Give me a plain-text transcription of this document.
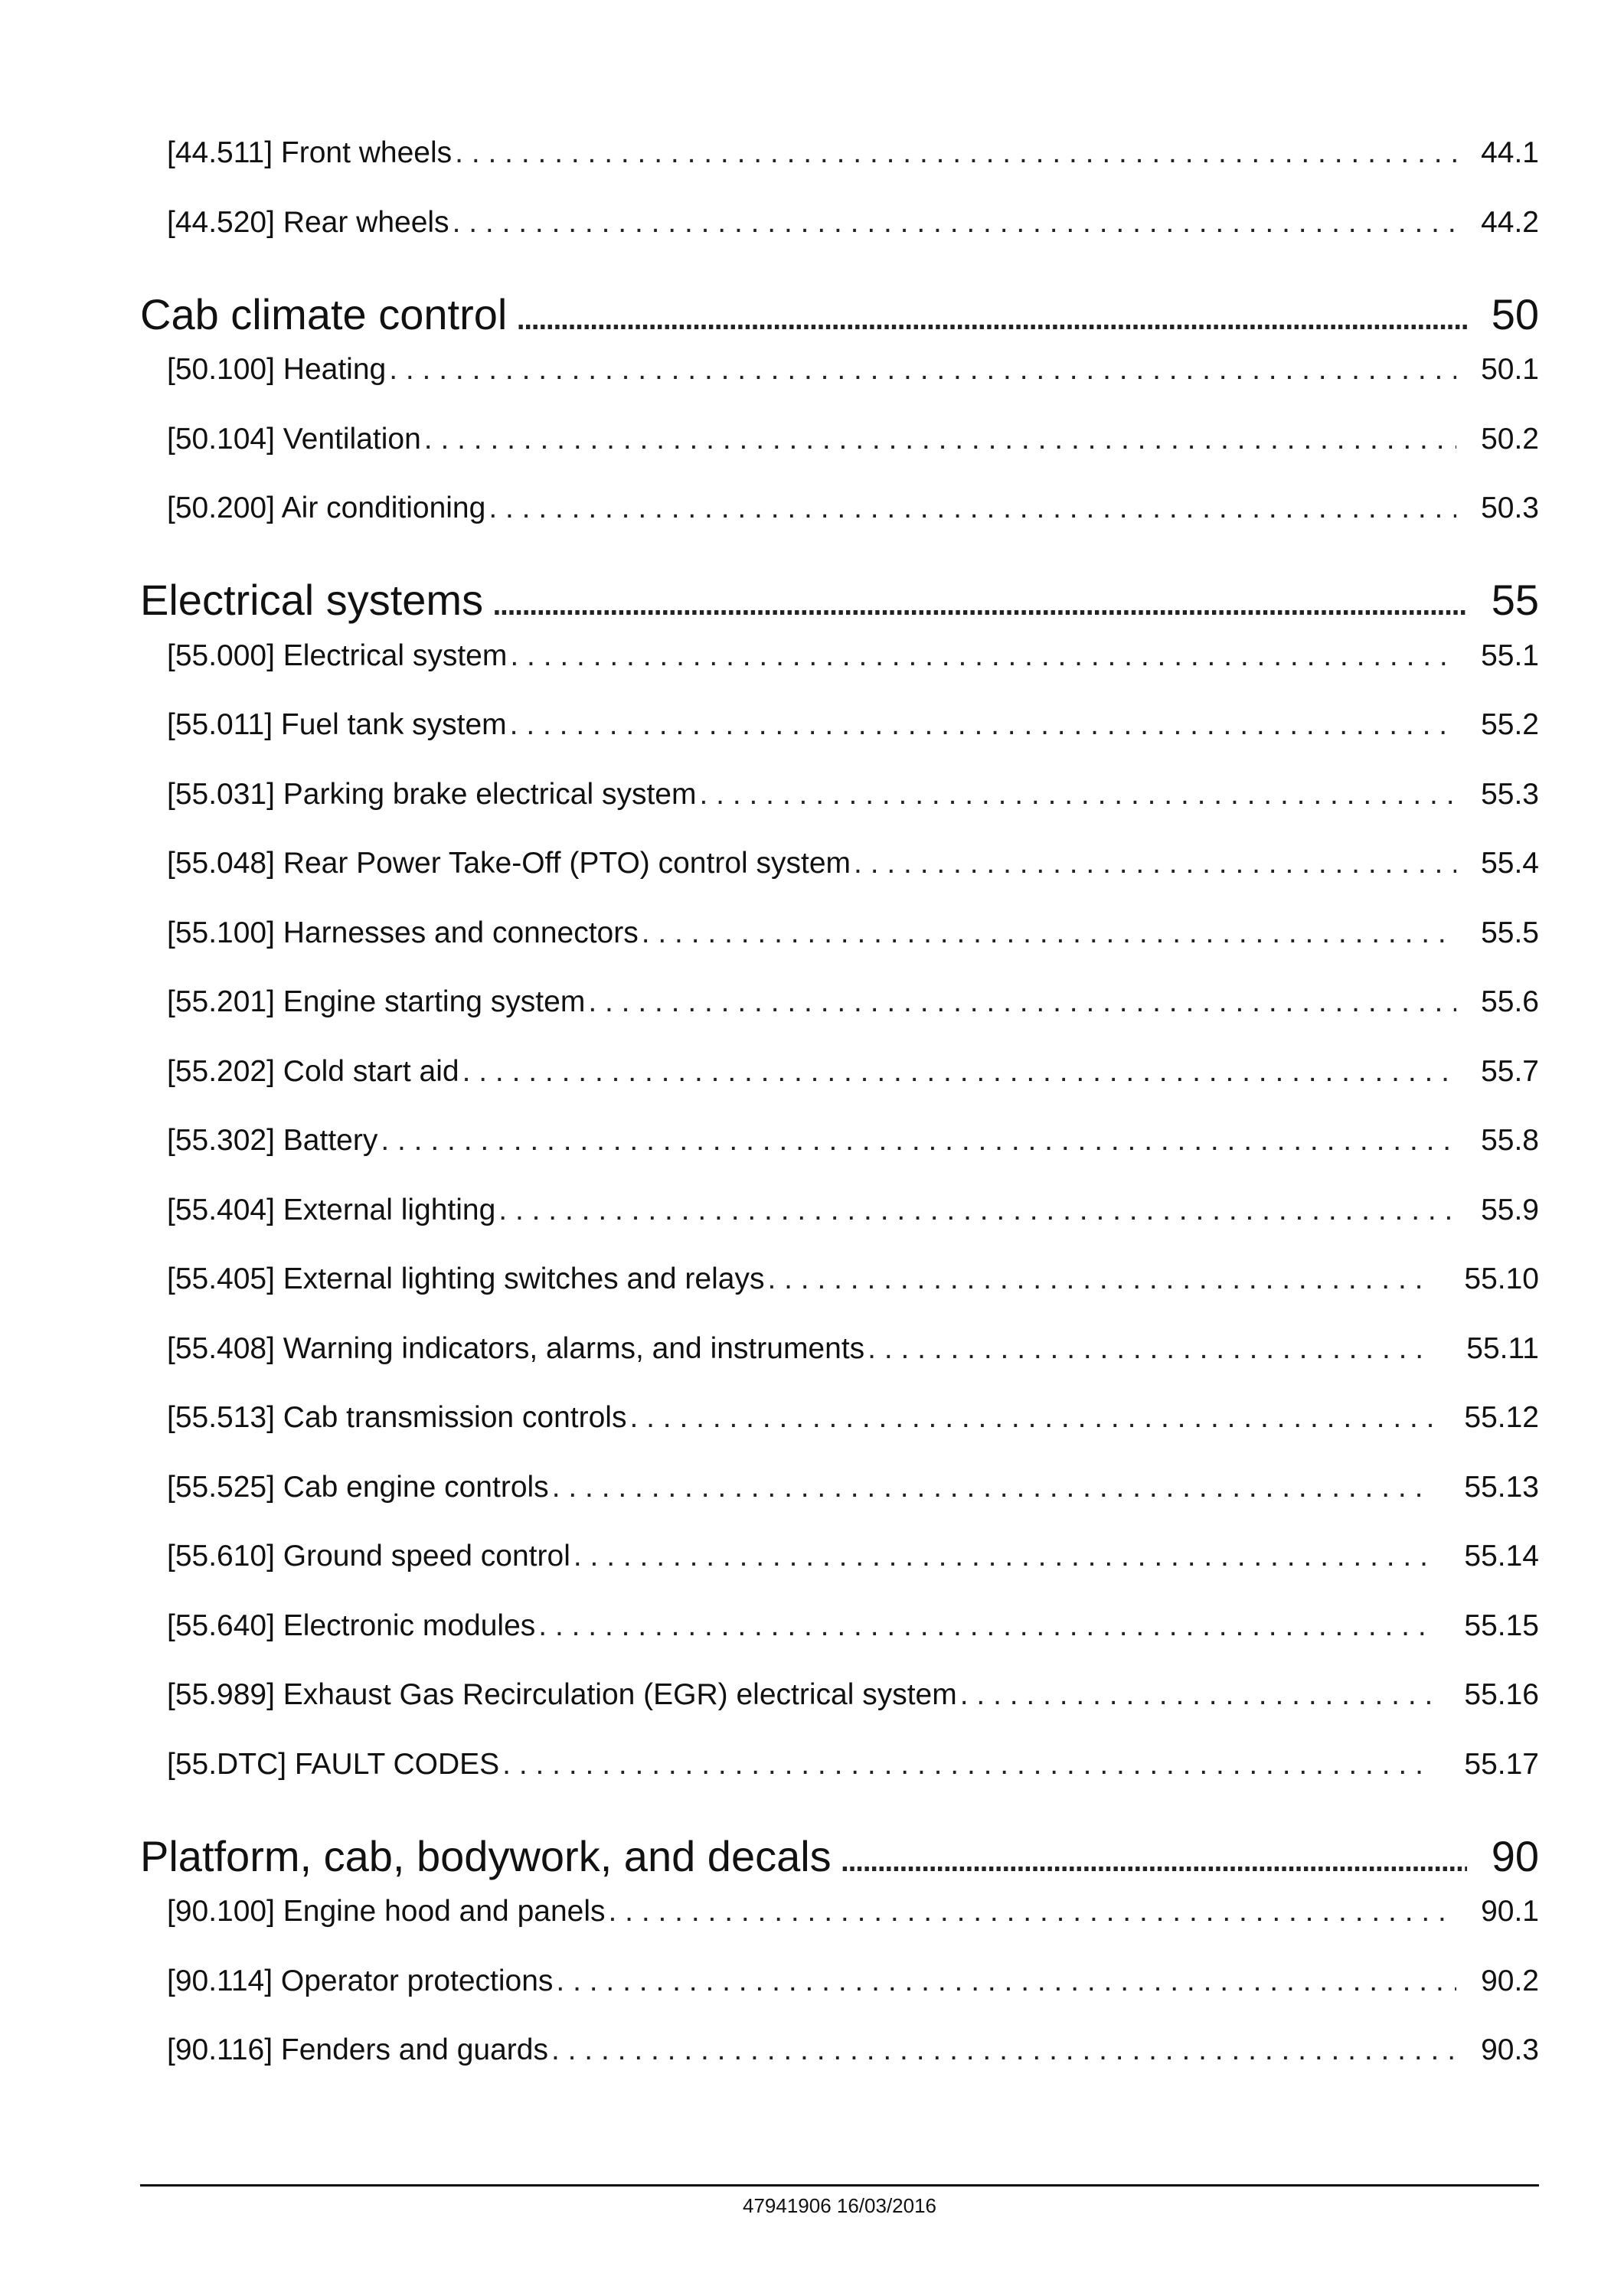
[44.511] Front wheels . . .	44.1
[44.520] Rear wheels . . .	44.2
Cab climate control .....	50
[50.100] Heating . . .	50.1
[50.104] Ventilation . . .	50.2
[50.200] Air conditioning . . .	50.3
Electrical systems .....	55
[55.000] Electrical system . . .	55.1
[55.011] Fuel tank system . . .	55.2
[55.031] Parking brake electrical system . . .	55.3
[55.048] Rear Power Take-Off (PTO) control system . . .	55.4
[55.100] Harnesses and connectors . . .	55.5
[55.201] Engine starting system . . .	55.6
[55.202] Cold start aid . . .	55.7
[55.302] Battery . . .	55.8
[55.404] External lighting . . .	55.9
[55.405] External lighting switches and relays . . .	55.10
[55.408] Warning indicators, alarms, and instruments . . .	55.11
[55.513] Cab transmission controls . . .	55.12
[55.525] Cab engine controls . . .	55.13
[55.610] Ground speed control . . .	55.14
[55.640] Electronic modules . . .	55.15
[55.989] Exhaust Gas Recirculation (EGR) electrical system . . .	55.16
[55.DTC] FAULT CODES . . .	55.17
Platform, cab, bodywork, and decals .....	90
[90.100] Engine hood and panels . . .	90.1
[90.114] Operator protections . . .	90.2
[90.116] Fenders and guards . . .	90.3
47941906 16/03/2016
